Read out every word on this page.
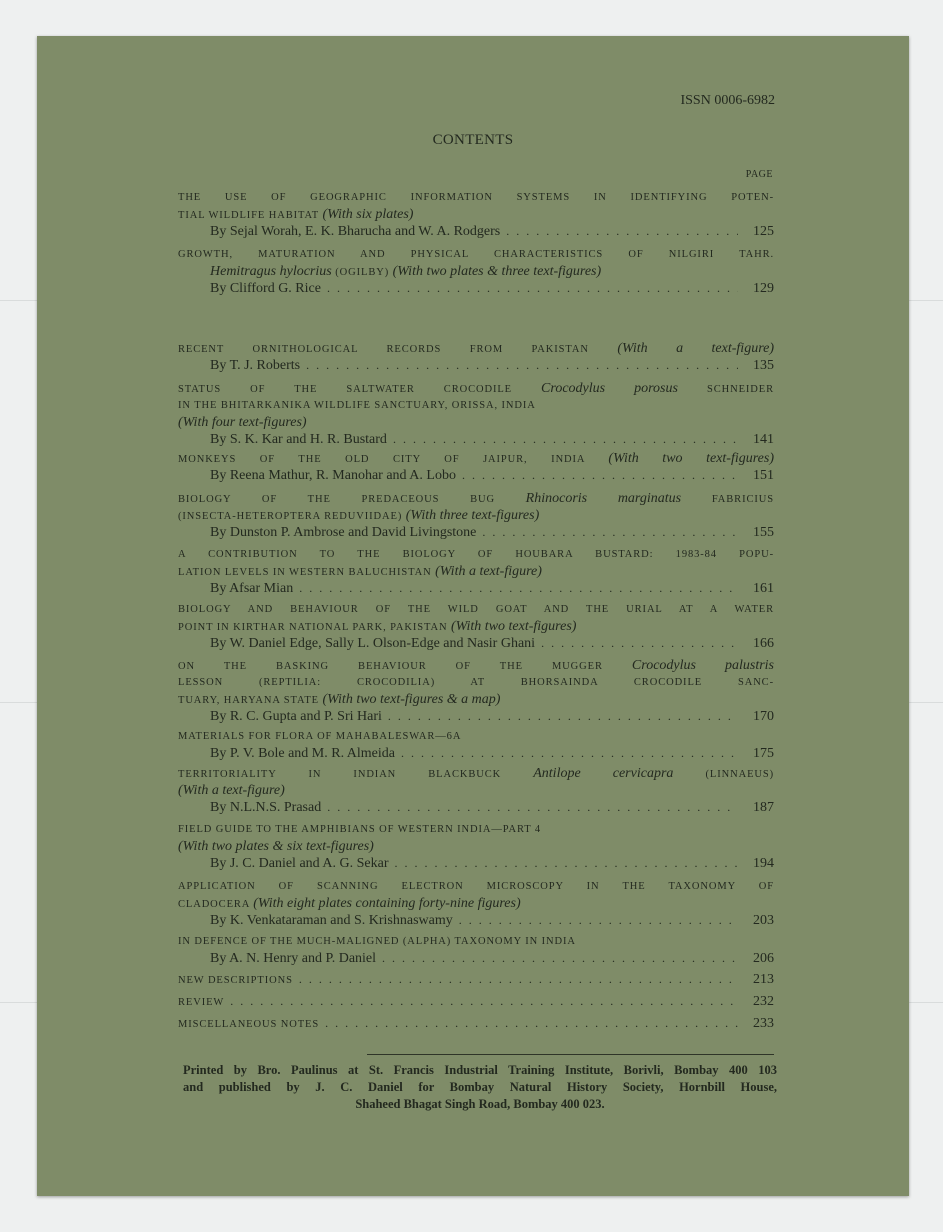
ISSN 0006-6982
CONTENTS
PAGE
THE USE OF GEOGRAPHIC INFORMATION SYSTEMS IN IDENTIFYING POTEN-
TIAL WILDLIFE HABITAT (With six plates)
By Sejal Worah, E. K. Bharucha and W. A. Rodgers . . .	125
GROWTH, MATURATION AND PHYSICAL CHARACTERISTICS OF NILGIRI TAHR.
Hemitragus hylocrius (OGILBY) (With two plates & three text-figures)
By Clifford G. Rice . . .	129
RECENT ORNITHOLOGICAL RECORDS FROM PAKISTAN (With a text-figure)
By T. J. Roberts . . .	135
STATUS OF THE SALTWATER CROCODILE Crocodylus porosus SCHNEIDER
IN THE BHITARKANIKA WILDLIFE SANCTUARY, ORISSA, INDIA
(With four text-figures)
By S. K. Kar and H. R. Bustard . . .	141
MONKEYS OF THE OLD CITY OF JAIPUR, INDIA (With two text-figures)
By Reena Mathur, R. Manohar and A. Lobo . . .	151
BIOLOGY OF THE PREDACEOUS BUG Rhinocoris marginatus FABRICIUS
(INSECTA-HETEROPTERA REDUVIIDAE) (With three text-figures)
By Dunston P. Ambrose and David Livingstone . . .	155
A CONTRIBUTION TO THE BIOLOGY OF HOUBARA BUSTARD: 1983-84 POPU-
LATION LEVELS IN WESTERN BALUCHISTAN (With a text-figure)
By Afsar Mian . . .	161
BIOLOGY AND BEHAVIOUR OF THE WILD GOAT AND THE URIAL AT A WATER
POINT IN KIRTHAR NATIONAL PARK, PAKISTAN (With two text-figures)
By W. Daniel Edge, Sally L. Olson-Edge and Nasir Ghani . . .	166
ON THE BASKING BEHAVIOUR OF THE MUGGER Crocodylus palustris
LESSON (REPTILIA: CROCODILIA) AT BHORSAINDA CROCODILE SANC-
TUARY, HARYANA STATE (With two text-figures & a map)
By R. C. Gupta and P. Sri Hari . . .	170
MATERIALS FOR FLORA OF MAHABALESWAR—6A
By P. V. Bole and M. R. Almeida . . .	175
TERRITORIALITY IN INDIAN BLACKBUCK Antilope cervicapra (LINNAEUS)
(With a text-figure)
By N.L.N.S. Prasad . . .	187
FIELD GUIDE TO THE AMPHIBIANS OF WESTERN INDIA—PART 4
(With two plates & six text-figures)
By J. C. Daniel and A. G. Sekar . . .	194
APPLICATION OF SCANNING ELECTRON MICROSCOPY IN THE TAXONOMY OF
CLADOCERA (With eight plates containing forty-nine figures)
By K. Venkataraman and S. Krishnaswamy . . .	203
IN DEFENCE OF THE MUCH-MALIGNED (ALPHA) TAXONOMY IN INDIA
By A. N. Henry and P. Daniel . . .	206
NEW DESCRIPTIONS . . .	213
REVIEW . . .	232
MISCELLANEOUS NOTES . . .	233
Printed by Bro. Paulinus at St. Francis Industrial Training Institute, Borivli, Bombay 400 103
and published by J. C. Daniel for Bombay Natural History Society, Hornbill House,
Shaheed Bhagat Singh Road, Bombay 400 023.
